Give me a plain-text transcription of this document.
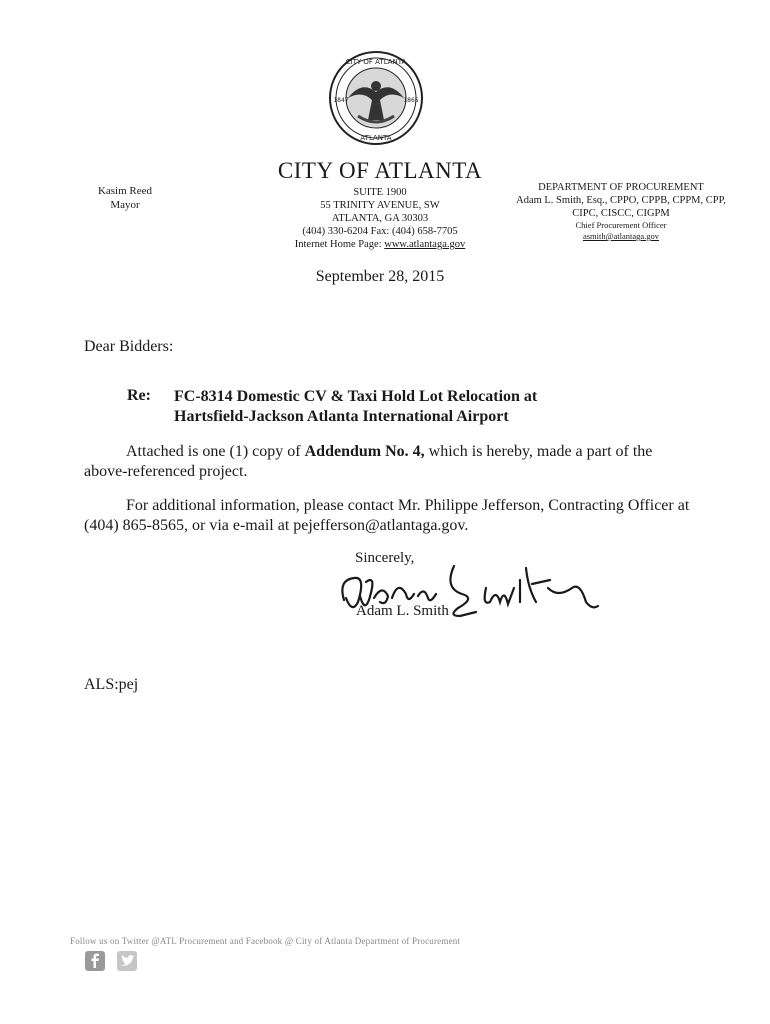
CITY OF ATLANTA
ATLANTA
1847	1865
CITY OF ATLANTA
SUITE 1900
55 TRINITY AVENUE, SW
ATLANTA, GA 30303
(404) 330-6204 Fax: (404) 658-7705
Internet Home Page: www.atlantaga.gov
Kasim Reed
Mayor
DEPARTMENT OF PROCUREMENT
Adam L. Smith, Esq., CPPO, CPPB, CPPM, CPP,
CIPC, CISCC, CIGPM
Chief Procurement Officer
asmith@atlantaga.gov
September 28, 2015
Dear Bidders:
Re: FC-8314 Domestic CV & Taxi Hold Lot Relocation at
Hartsfield-Jackson Atlanta International Airport
Attached is one (1) copy of Addendum No. 4, which is hereby, made a part of the above-referenced project.
For additional information, please contact Mr. Philippe Jefferson, Contracting Officer at (404) 865-8565, or via e-mail at pejefferson@atlantaga.gov.
Sincerely,
Adam L. Smith
ALS:pej
Follow us on Twitter @ATL Procurement and Facebook @ City of Atlanta Department of Procurement
